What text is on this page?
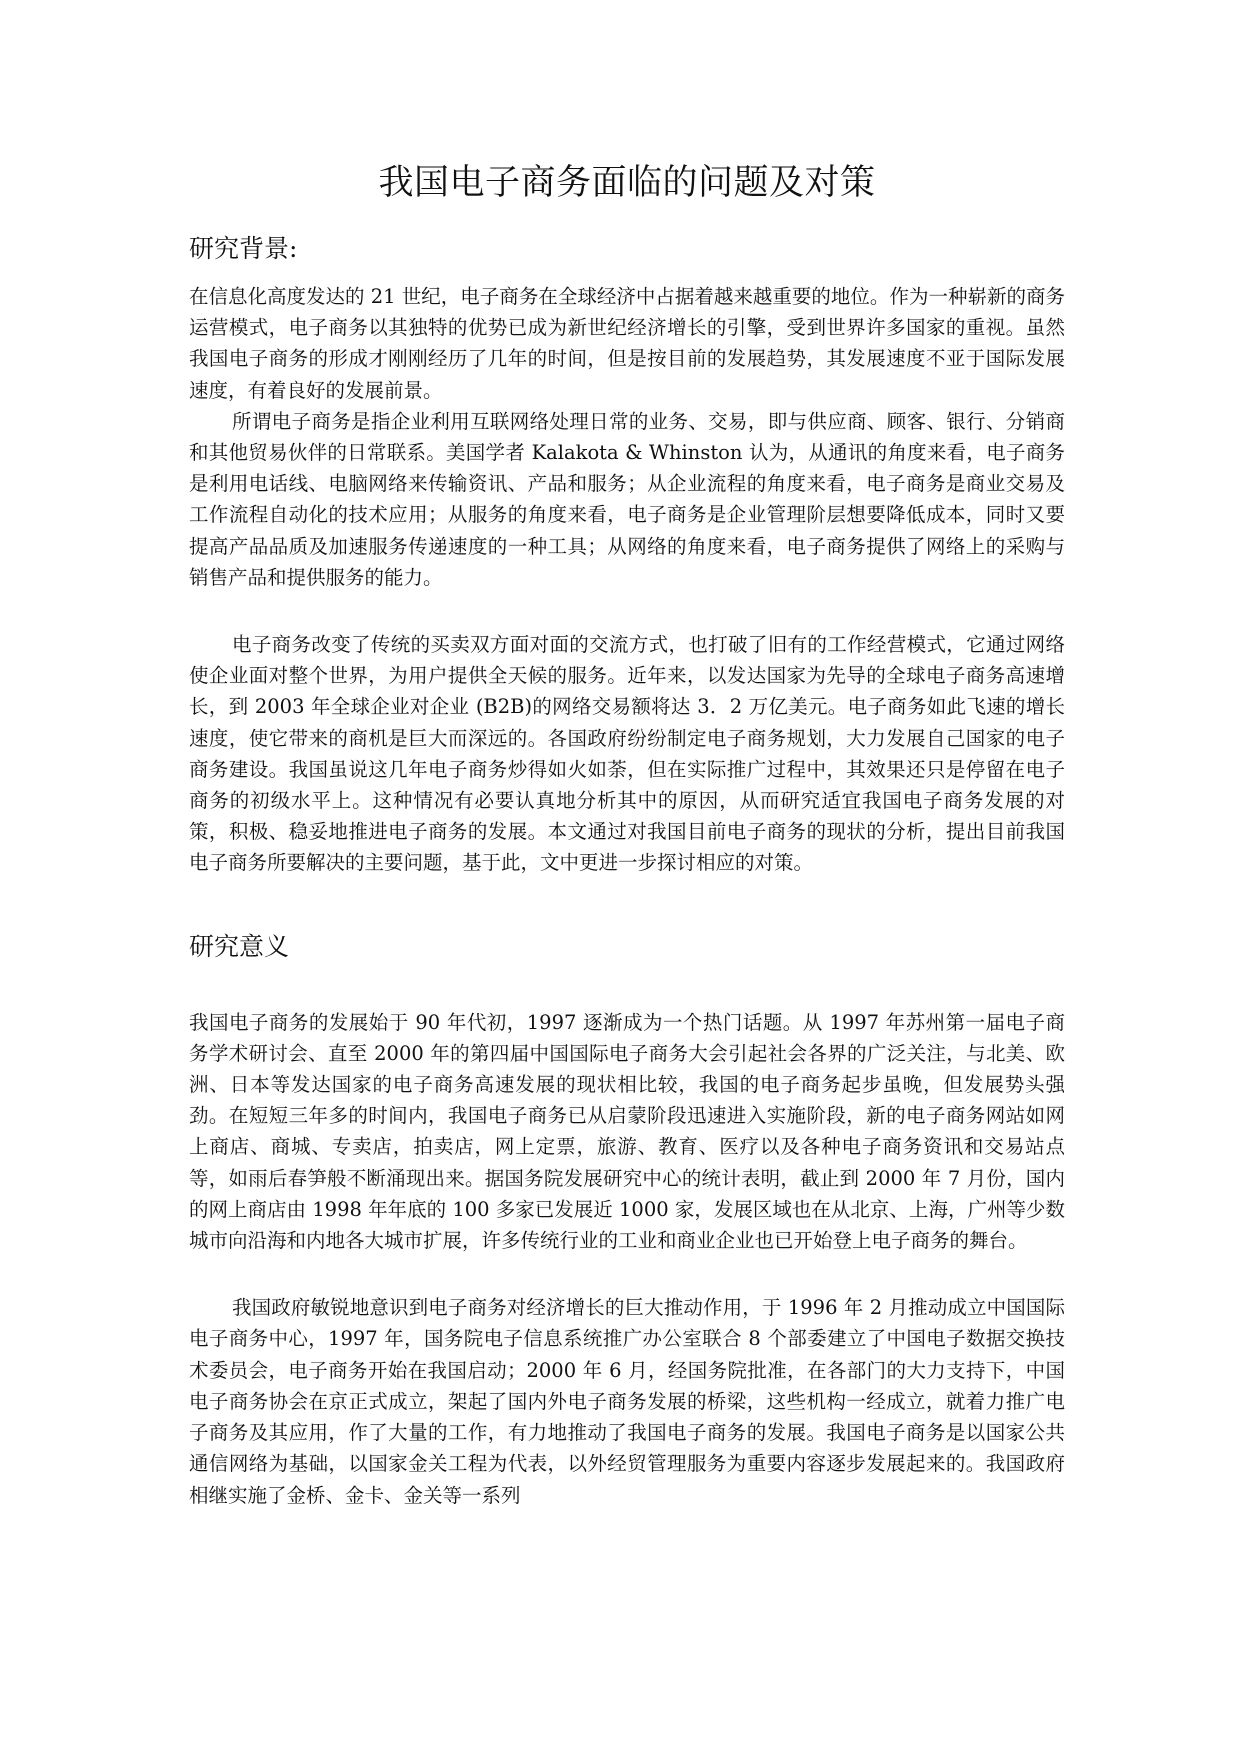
我国电子商务面临的问题及对策
研究背景:

在信息化高度发达的 21 世纪，电子商务在全球经济中占据着越来越重要的地位。作为一种崭新的商务运营模式，电子商务以其独特的优势已成为新世纪经济增长的引擎，受到世界许多国家的重视。虽然我国电子商务的形成才刚刚经历了几年的时间，但是按目前的发展趋势，其发展速度不亚于国际发展速度，有着良好的发展前景。

所谓电子商务是指企业利用互联网络处理日常的业务、交易，即与供应商、顾客、银行、分销商和其他贸易伙伴的日常联系。美国学者 Kalakota & Whinston 认为，从通讯的角度来看，电子商务是利用电话线、电脑网络来传输资讯、产品和服务；从企业流程的角度来看，电子商务是商业交易及工作流程自动化的技术应用；从服务的角度来看，电子商务是企业管理阶层想要降低成本，同时又要提高产品品质及加速服务传递速度的一种工具；从网络的角度来看，电子商务提供了网络上的采购与销售产品和提供服务的能力。

电子商务改变了传统的买卖双方面对面的交流方式，也打破了旧有的工作经营模式，它通过网络使企业面对整个世界，为用户提供全天候的服务。近年来，以发达国家为先导的全球电子商务高速增长，到 2003 年全球企业对企业 (B2B)的网络交易额将达 3．2 万亿美元。电子商务如此飞速的增长速度，使它带来的商机是巨大而深远的。各国政府纷纷制定电子商务规划，大力发展自己国家的电子商务建设。我国虽说这几年电子商务炒得如火如荼，但在实际推广过程中，其效果还只是停留在电子商务的初级水平上。这种情况有必要认真地分析其中的原因，从而研究适宜我国电子商务发展的对策，积极、稳妥地推进电子商务的发展。本文通过对我国目前电子商务的现状的分析，提出目前我国电子商务所要解决的主要问题，基于此，文中更进一步探讨相应的对策。

研究意义

我国电子商务的发展始于 90 年代初，1997 逐渐成为一个热门话题。从 1997 年苏州第一届电子商务学术研讨会、直至 2000 年的第四届中国国际电子商务大会引起社会各界的广泛关注，与北美、欧洲、日本等发达国家的电子商务高速发展的现状相比较，我国的电子商务起步虽晚，但发展势头强劲。在短短三年多的时间内，我国电子商务已从启蒙阶段迅速进入实施阶段，新的电子商务网站如网上商店、商城、专卖店，拍卖店，网上定票，旅游、教育、医疗以及各种电子商务资讯和交易站点等，如雨后春笋般不断涌现出来。据国务院发展研究中心的统计表明，截止到 2000 年 7 月份，国内的网上商店由 1998 年年底的 100 多家已发展近 1000 家，发展区域也在从北京、上海，广州等少数城市向沿海和内地各大城市扩展，许多传统行业的工业和商业企业也已开始登上电子商务的舞台。

我国政府敏锐地意识到电子商务对经济增长的巨大推动作用，于 1996 年 2 月推动成立中国国际电子商务中心，1997 年，国务院电子信息系统推广办公室联合 8 个部委建立了中国电子数据交换技术委员会，电子商务开始在我国启动；2000 年 6 月，经国务院批准，在各部门的大力支持下，中国电子商务协会在京正式成立，架起了国内外电子商务发展的桥梁，这些机构一经成立，就着力推广电子商务及其应用，作了大量的工作，有力地推动了我国电子商务的发展。我国电子商务是以国家公共通信网络为基础，以国家金关工程为代表，以外经贸管理服务为重要内容逐步发展起来的。我国政府相继实施了金桥、金卡、金关等一系列
